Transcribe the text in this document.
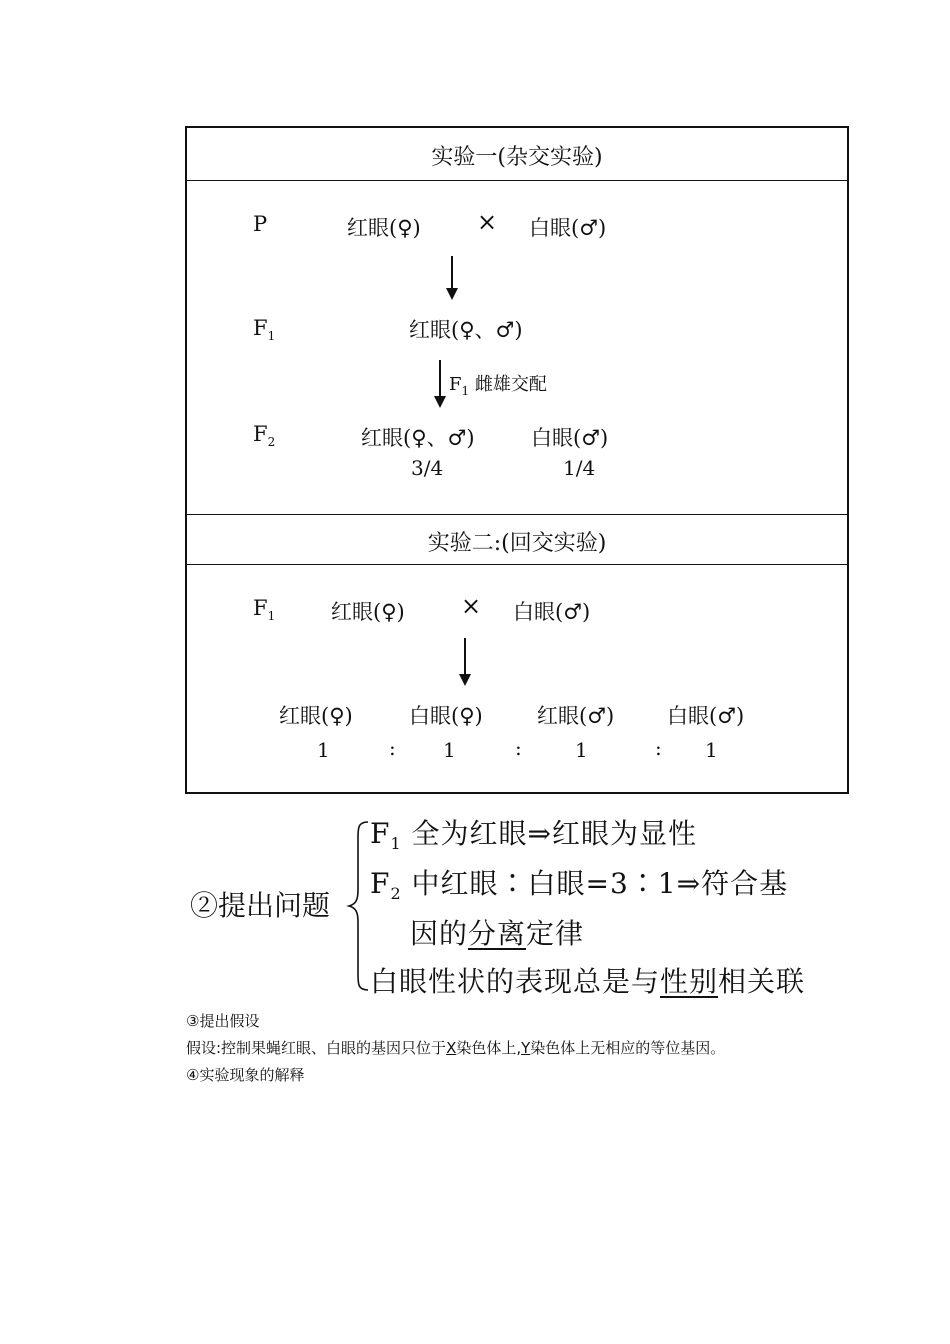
实验一(杂交实验)
P	红眼(♀) × 白眼(♂)
$F_1$	红眼(♀、♂)
$F_1$ 雌雄交配
$F_2$	红眼(♀、♂)	白眼(♂)
3/4	1/4
实验二:(回交实验)
$F_1$	红眼(♀) × 白眼(♂)
红眼(♀)	白眼(♀)	红眼(♂)	白眼(♂)
1	: 1	:	1	: 1
②提出问题
$F_1$ 全为红眼⇒红眼为显性
$F_2$ 中红眼∶白眼=3∶1⇒符合基
因的分离定律
白眼性状的表现总是与性别相关联
③提出假设
假设:控制果蝇红眼、白眼的基因只位于X染色体上,Y染色体上无相应的等位基因。
④实验现象的解释
